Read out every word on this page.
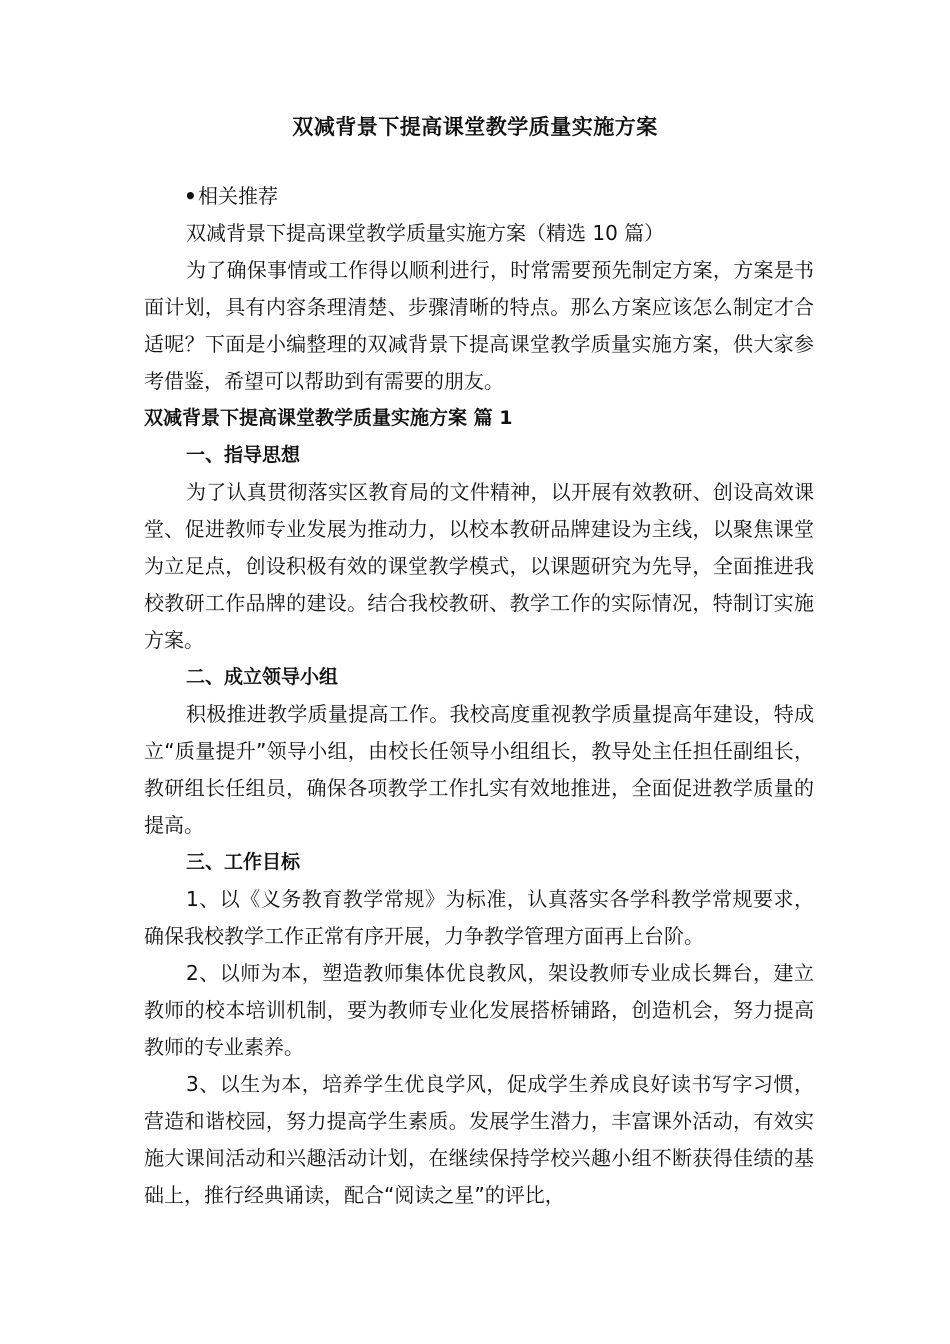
双减背景下提高课堂教学质量实施方案

• 相关推荐

双减背景下提高课堂教学质量实施方案（精选 10 篇）

为了确保事情或工作得以顺利进行，时常需要预先制定方案，方案是书面计划，具有内容条理清楚、步骤清晰的特点。那么方案应该怎么制定才合适呢？下面是小编整理的双减背景下提高课堂教学质量实施方案，供大家参考借鉴，希望可以帮助到有需要的朋友。

双减背景下提高课堂教学质量实施方案 篇 1

一、指导思想

为了认真贯彻落实区教育局的文件精神，以开展有效教研、创设高效课堂、促进教师专业发展为推动力，以校本教研品牌建设为主线，以聚焦课堂为立足点，创设积极有效的课堂教学模式，以课题研究为先导，全面推进我校教研工作品牌的建设。结合我校教研、教学工作的实际情况，特制订实施方案。

二、成立领导小组

积极推进教学质量提高工作。我校高度重视教学质量提高年建设，特成立“质量提升”领导小组，由校长任领导小组组长，教导处主任担任副组长，教研组长任组员，确保各项教学工作扎实有效地推进，全面促进教学质量的提高。

三、工作目标

1、以《义务教育教学常规》为标准，认真落实各学科教学常规要求，确保我校教学工作正常有序开展，力争教学管理方面再上台阶。

2、以师为本，塑造教师集体优良教风，架设教师专业成长舞台，建立教师的校本培训机制，要为教师专业化发展搭桥铺路，创造机会，努力提高教师的专业素养。

3、以生为本，培养学生优良学风，促成学生养成良好读书写字习惯，营造和谐校园，努力提高学生素质。发展学生潜力，丰富课外活动，有效实施大课间活动和兴趣活动计划，在继续保持学校兴趣小组不断获得佳绩的基础上，推行经典诵读，配合“阅读之星”的评比，
